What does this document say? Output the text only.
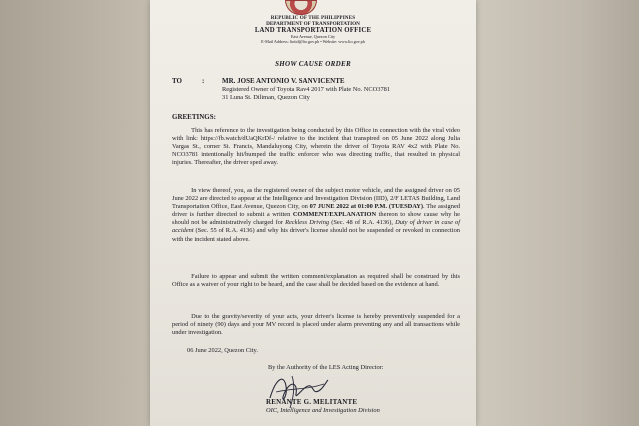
REPUBLIC OF THE PHILIPPINES

DEPARTMENT OF TRANSPORTATION

LAND TRANSPORTATION OFFICE

East Avenue, Quezon City

E-Mail Address: ltoiid@lto.gov.ph • Website: www.lto.gov.ph

SHOW CAUSE ORDER
TO	:	MR. JOSE ANTONIO V. SANVICENTE
Registered Owner of Toyota Rav4 2017 with Plate No. NCO3781
31 Luna St. Diliman, Quezon City
GREETINGS:

   This has reference to the investigation being conducted by this Office in connection with the viral video with link: https://fb.watch/dUaQKrDf-/ relative to the incident that transpired on 05 June 2022 along Julia Vargas St., corner St. Francis, Mandaluyong City, wherein the driver of Toyota RAV 4x2 with Plate No. NCO3781 intentionally hit/bumped the traffic enforcer who was directing traffic, that resulted in physical injuries. Thereafter, the driver sped away.

   In view thereof, you, as the registered owner of the subject motor vehicle, and the assigned driver on 05 June 2022 are directed to appear at the Intelligence and Investigation Division (IID), 2/F LETAS Building, Land Transportation Office, East Avenue, Quezon City, on 07 JUNE 2022 at 01:00 P.M. (TUESDAY). The assigned driver is further directed to submit a written COMMENT/EXPLANATION thereon to show cause why he should not be administratively charged for Reckless Driving (Sec. 48 of R.A. 4136), Duty of driver in case of accident (Sec. 55 of R.A. 4136) and why his driver's license should not be suspended or revoked in connection with the incident stated above.

   Failure to appear and submit the written comment/explanation as required shall be construed by this Office as a waiver of your right to be heard, and the case shall be decided based on the evidence at hand.

   Due to the gravity/severity of your acts, your driver's license is hereby preventively suspended for a period of ninety (90) days and your MV record is placed under alarm preventing any and all transactions while under investigation.

06 June 2022, Quezon City.
By the Authority of the LES Acting Director:
RENANTE G. MELITANTE
OIC, Intelligence and Investigation Division
